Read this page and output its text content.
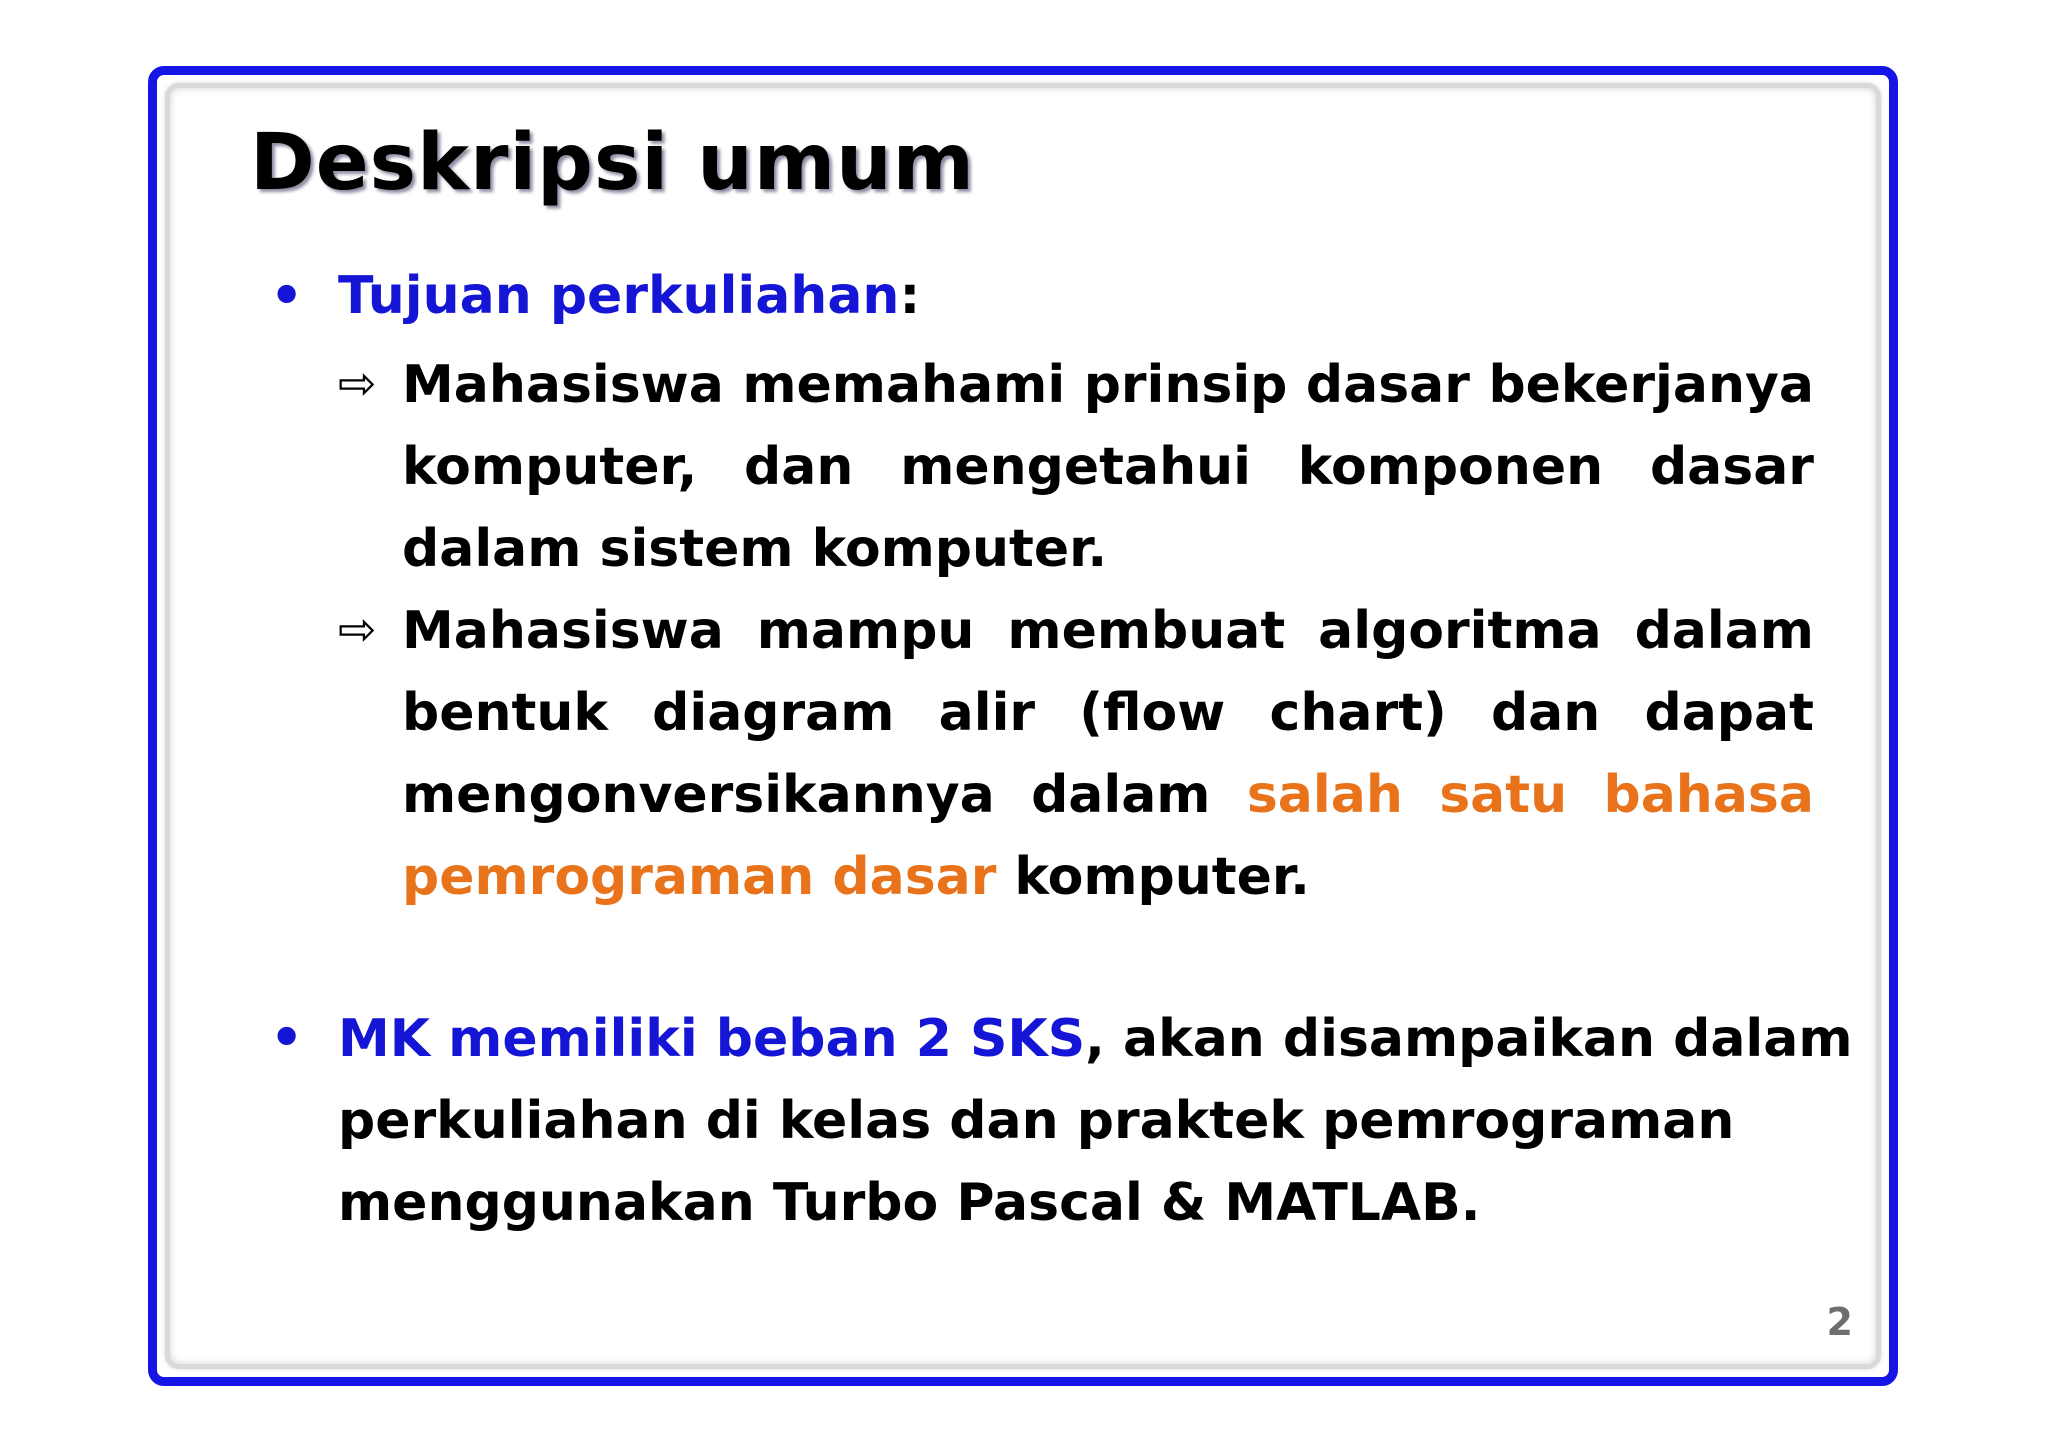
Deskripsi umum
• Tujuan perkuliahan:
⇨ Mahasiswa memahami prinsip dasar bekerjanya
komputer, dan mengetahui komponen dasar
dalam sistem komputer.
⇨ Mahasiswa mampu membuat algoritma dalam
bentuk diagram alir (flow chart) dan dapat
mengonversikannya dalam salah satu bahasa
pemrograman dasar komputer.
• MK memiliki beban 2 SKS, akan disampaikan dalam
perkuliahan di kelas dan praktek pemrograman
menggunakan Turbo Pascal & MATLAB.
2
